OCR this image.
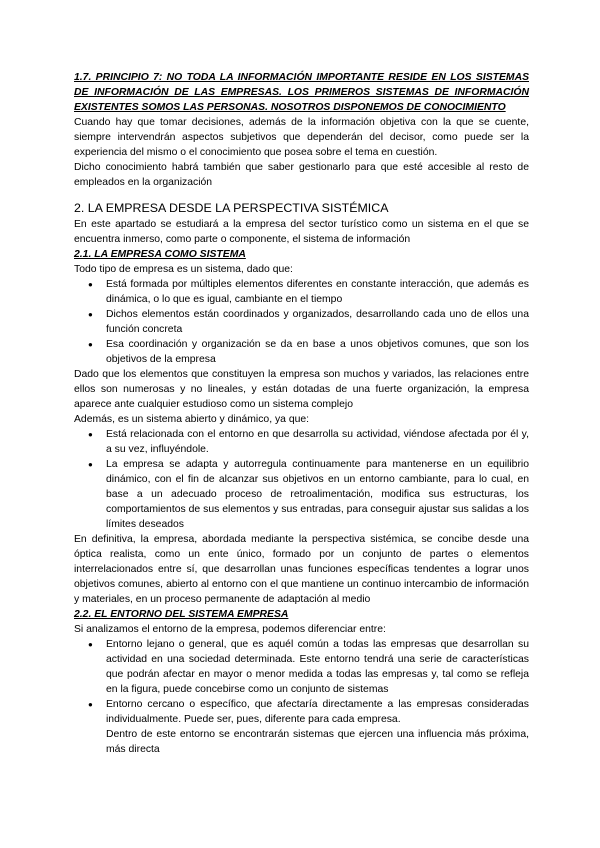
1.7. PRINCIPIO 7: NO TODA LA INFORMACIÓN IMPORTANTE RESIDE EN LOS SISTEMAS DE INFORMACIÓN DE LAS EMPRESAS. LOS PRIMEROS SISTEMAS DE INFORMACIÓN EXISTENTES SOMOS LAS PERSONAS. NOSOTROS DISPONEMOS DE CONOCIMIENTO

Cuando hay que tomar decisiones, además de la información objetiva con la que se cuente, siempre intervendrán aspectos subjetivos que dependerán del decisor, como puede ser la experiencia del mismo o el conocimiento que posea sobre el tema en cuestión.

Dicho conocimiento habrá también que saber gestionarlo para que esté accesible al resto de empleados en la organización

2. LA EMPRESA DESDE LA PERSPECTIVA SISTÉMICA

En este apartado se estudiará a la empresa del sector turístico como un sistema en el que se encuentra inmerso, como parte o componente, el sistema de información

2.1. LA EMPRESA COMO SISTEMA

Todo tipo de empresa es un sistema, dado que:

● Está formada por múltiples elementos diferentes en constante interacción, que además es dinámica, o lo que es igual, cambiante en el tiempo
● Dichos elementos están coordinados y organizados, desarrollando cada uno de ellos una función concreta
● Esa coordinación y organización se da en base a unos objetivos comunes, que son los objetivos de la empresa

Dado que los elementos que constituyen la empresa son muchos y variados, las relaciones entre ellos son numerosas y no lineales, y están dotadas de una fuerte organización, la empresa aparece ante cualquier estudioso como un sistema complejo

Además, es un sistema abierto y dinámico, ya que:

● Está relacionada con el entorno en que desarrolla su actividad, viéndose afectada por él y, a su vez, influyéndole.
● La empresa se adapta y autorregula continuamente para mantenerse en un equilibrio dinámico, con el fin de alcanzar sus objetivos en un entorno cambiante, para lo cual, en base a un adecuado proceso de retroalimentación, modifica sus estructuras, los comportamientos de sus elementos y sus entradas, para conseguir ajustar sus salidas a los límites deseados

En definitiva, la empresa, abordada mediante la perspectiva sistémica, se concibe desde una óptica realista, como un ente único, formado por un conjunto de partes o elementos interrelacionados entre sí, que desarrollan unas funciones específicas tendentes a lograr unos objetivos comunes, abierto al entorno con el que mantiene un continuo intercambio de información y materiales, en un proceso permanente de adaptación al medio

2.2. EL ENTORNO DEL SISTEMA EMPRESA

Si analizamos el entorno de la empresa, podemos diferenciar entre:

● Entorno lejano o general, que es aquél común a todas las empresas que desarrollan su actividad en una sociedad determinada. Este entorno tendrá una serie de características que podrán afectar en mayor o menor medida a todas las empresas y, tal como se refleja en la figura, puede concebirse como un conjunto de sistemas
● Entorno cercano o específico, que afectaría directamente a las empresas consideradas individualmente. Puede ser, pues, diferente para cada empresa.
Dentro de este entorno se encontrarán sistemas que ejercen una influencia más próxima, más directa
